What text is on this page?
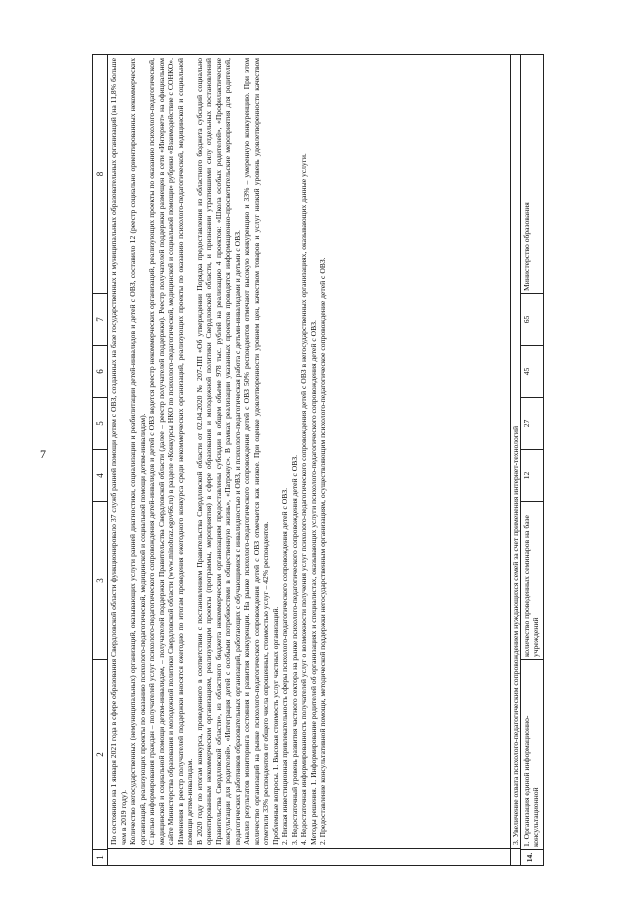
7
1
2
3
4
5
6
7
8 По состоянию на 1 января 2021 года в сфере образования Свердловской области функционировало 37 служб ранней помощи детям с ОВЗ, созданных на базе государственных и муниципальных образовательных организаций (на 11,8% больше чем в 2019 году). Количество негосударственных (немуниципальных) организаций, оказывающих услуги ранней диагностики, социализации и реабилитации детей-инвалидов и детей с ОВЗ, составило 12 (реестр социально ориентированных некоммерческих организаций, реализующих проекты по оказанию психолого-педагогической, медицинской и социальной помощи детям-инвалидам). С целью информирования граждан – получателей услуг психолого-педагогического сопровождения детей-инвалидов и детей с ОВЗ ведется реестр некоммерческих организаций, реализующих проекты по оказанию психолого-педагогической, медицинской и социальной помощи детям-инвалидам, – получателей поддержки Правительства Свердловской области (далее – реестр получателей поддержки). Реестр получателей поддержки размещен в сети «Интернет» на официальном сайте Министерства образования и молодежной политики Свердловской области (www.minobraz.egov66.ru) в разделе «Конкурсы НКО по психолого-педагогической, медицинской и социальной помощи» рубрики «Взаимодействие с СОНКО». Изменения в реестр получателей поддержки вносятся ежегодно по итогам проведения ежегодного конкурса среди некоммерческих организаций, реализующих проекты по оказанию психолого-педагогической, медицинской и социальной помощи детям-инвалидам. В 2020 году по итогам конкурса, проведенного в соответствии с постановлением Правительства Свердловской области от 02.04.2020 № 207-ПП «Об утверждении Порядка предоставления из областного бюджета субсидий социально ориентированным некоммерческим организациям, реализующим проекты (программы, мероприятия) в сфере образования и молодежной политики Свердловской области, и признании утратившими силу отдельных постановлений Правительства Свердловской области», из областного бюджета некоммерческим организациям предоставлены субсидии в общем объеме 978 тыс. рублей на реализацию 4 проектов: «Школа особых родителей», «Профилактические консультации для родителей», «Интеграция детей с особыми потребностями в общественную жизнь», «Патронус». В рамках реализации указанных проектов проводятся информационно-просветительские мероприятия для родителей, педагогических работников образовательных организаций, работающих с обучающимися с инвалидностью и ОВЗ, и психолого-педагогическая работа с детьми-инвалидами и детьми с ОВЗ. Анализ результатов мониторинга состояния и развития конкуренции. На рынке психолого-педагогического сопровождения детей с ОВЗ 50% респондентов отмечают высокую конкуренцию и 33% – умеренную конкуренцию. При этом количество организаций на рынке психолого-педагогического сопровождения детей с ОВЗ отмечается как низкое. При оценке удовлетворенности уровнем цен, качеством товаров и услуг низкий уровень удовлетворенности качеством отметили 33% респондентов от общего числа опрошенных, стоимостью услуг – 42% респондентов. Проблемные вопросы. 1. Высокая стоимость услуг частных организаций. 2. Низкая инвестиционная привлекательность сферы психолого-педагогического сопровождения детей с ОВЗ. 3. Недостаточный уровень развития частного сектора на рынке психолого-педагогического сопровождения детей с ОВЗ. 4. Недостаточная информированность получателей услуг о возможности получения услуг психолого-педагогического сопровождения детей с ОВЗ в негосударственных организациях, оказывающих данные услуги. Методы решения. 1. Информирование родителей об организациях и специалистах, оказывающих услуги психолого-педагогического сопровождения детей с ОВЗ. 2. Предоставление консультативной помощи, методической поддержки негосударственным организациям, осуществляющим психолого-педагогическое сопровождение детей с ОВЗ.	3. Увеличение охвата психолого-педагогическим сопровождением нуждающихся семей за счет применения интернет-технологий
14.
1. Организация единой информационно-консультационной
количество проведенных семинаров на базе учреждений
12
27
45
65
Министерство образования
